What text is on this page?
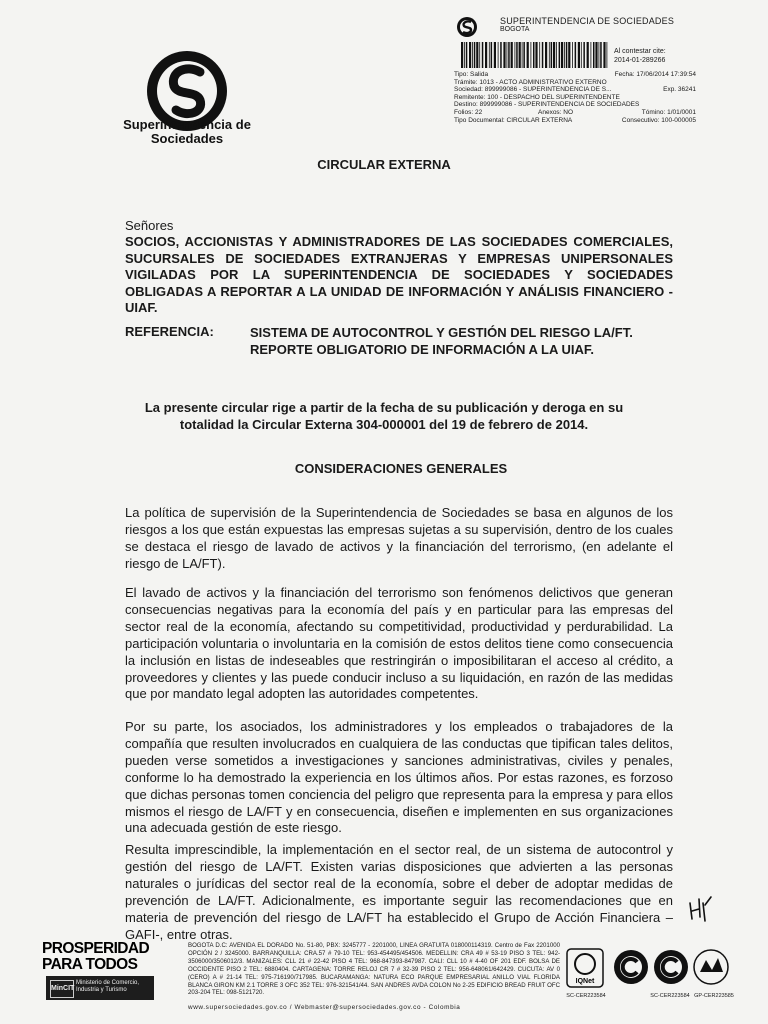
Superintendencia de Sociedades
SUPERINTENDENCIA DE SOCIEDADES
BOGOTA
Al contestar cite:
2014-01-289266
Tipo: Salida	Fecha: 17/06/2014 17:39:54
Trámite: 1013 - ACTO ADMINISTRATIVO EXTERNO
Sociedad: 899999086 - SUPERINTENDENCIA DE S...	Exp. 36241
Remitente: 100 - DESPACHO DEL SUPERINTENDENTE
Destino: 899999086 - SUPERINTENDENCIA DE SOCIEDADES
Folios: 22	Anexos: NO	Tómino: 1/01/0001
Tipo Documental: CIRCULAR EXTERNA	Consecutivo: 100-000005
CIRCULAR EXTERNA
Señores
SOCIOS, ACCIONISTAS Y ADMINISTRADORES DE LAS SOCIEDADES COMERCIALES, SUCURSALES DE SOCIEDADES EXTRANJERAS Y EMPRESAS UNIPERSONALES VIGILADAS POR LA SUPERINTENDENCIA DE SOCIEDADES Y SOCIEDADES OBLIGADAS A REPORTAR A LA UNIDAD DE INFORMACIÓN Y ANÁLISIS FINANCIERO - UIAF.
REFERENCIA:	SISTEMA DE AUTOCONTROL Y GESTIÓN DEL RIESGO LA/FT.
REPORTE OBLIGATORIO DE INFORMACIÓN A LA UIAF.
La presente circular rige a partir de la fecha de su publicación y deroga en su totalidad la Circular Externa 304-000001 del 19 de febrero de 2014.
CONSIDERACIONES GENERALES
La política de supervisión de la Superintendencia de Sociedades se basa en algunos de los riesgos a los que están expuestas las empresas sujetas a su supervisión, dentro de los cuales se destaca el riesgo de lavado de activos y la financiación del terrorismo, (en adelante el riesgo de LA/FT).
El lavado de activos y la financiación del terrorismo son fenómenos delictivos que generan consecuencias negativas para la economía del país y en particular para las empresas del sector real de la economía, afectando su competitividad, productividad y perdurabilidad. La participación voluntaria o involuntaria en la comisión de estos delitos tiene como consecuencia la inclusión en listas de indeseables que restringirán o imposibilitaran el acceso al crédito, a proveedores y clientes y las puede conducir incluso a su liquidación, en razón de las medidas que por mandato legal adopten las autoridades competentes.
Por su parte, los asociados, los administradores y los empleados o trabajadores de la compañía que resulten involucrados en cualquiera de las conductas que tipifican tales delitos, pueden verse sometidos a investigaciones y sanciones administrativas, civiles y penales, conforme lo ha demostrado la experiencia en los últimos años. Por estas razones, es forzoso que dichas personas tomen conciencia del peligro que representa para la empresa y para ellos mismos el riesgo de LA/FT y en consecuencia, diseñen e implementen en sus organizaciones una adecuada gestión de este riesgo.
Resulta imprescindible, la implementación en el sector real, de un sistema de autocontrol y gestión del riesgo de LA/FT. Existen varias disposiciones que advierten a las personas naturales o jurídicas del sector real de la economía, sobre el deber de adoptar medidas de prevención de LA/FT. Adicionalmente, es importante seguir las recomendaciones que en materia de prevención del riesgo de LA/FT ha establecido el Grupo de Acción Financiera –GAFI-, entre otras.
PROSPERIDAD
PARA TODOS
MinCIT
Ministerio de Comercio, Industria y Turismo
BOGOTA D.C: AVENIDA EL DORADO No. 51-80, PBX: 3245777 - 2201000, LINEA GRATUITA 018000114319. Centro de Fax 2201000 OPCIÓN 2 / 3245000. BARRANQUILLA: CRA.57 # 79-10 TEL: 953-454495/454506. MEDELLIN: CRA 49 # 53-19 PISO 3 TEL: 942-3506000/3506012/3. MANIZALES: CLL 21 # 22-42 PISO 4 TEL: 968-847393-847987. CALI: CLL 10 # 4-40 OF 201 EDF. BOLSA DE OCCIDENTE PISO 2 TEL: 6880404. CARTAGENA: TORRE RELOJ CR 7 # 32-39 PISO 2 TEL: 956-648061/642429. CUCUTA: AV 0 (CERO) A # 21-14 TEL: 975-716190/717985. BUCARAMANGA: NATURA ECO PARQUE EMPRESARIAL ANILLO VIAL FLORIDA BLANCA GIRON KM 2.1 TORRE 3 OFC 352 TEL: 976-321541/44. SAN ANDRES AVDA COLON No 2-25 EDIFICIO BREAD FRUIT OFC 203-204 TEL: 098-5121720.
www.supersociedades.gov.co / Webmaster@supersociedades.gov.co - Colombia
IQNet
SC-CER223584	SC-CER223584 GP-CER223585
